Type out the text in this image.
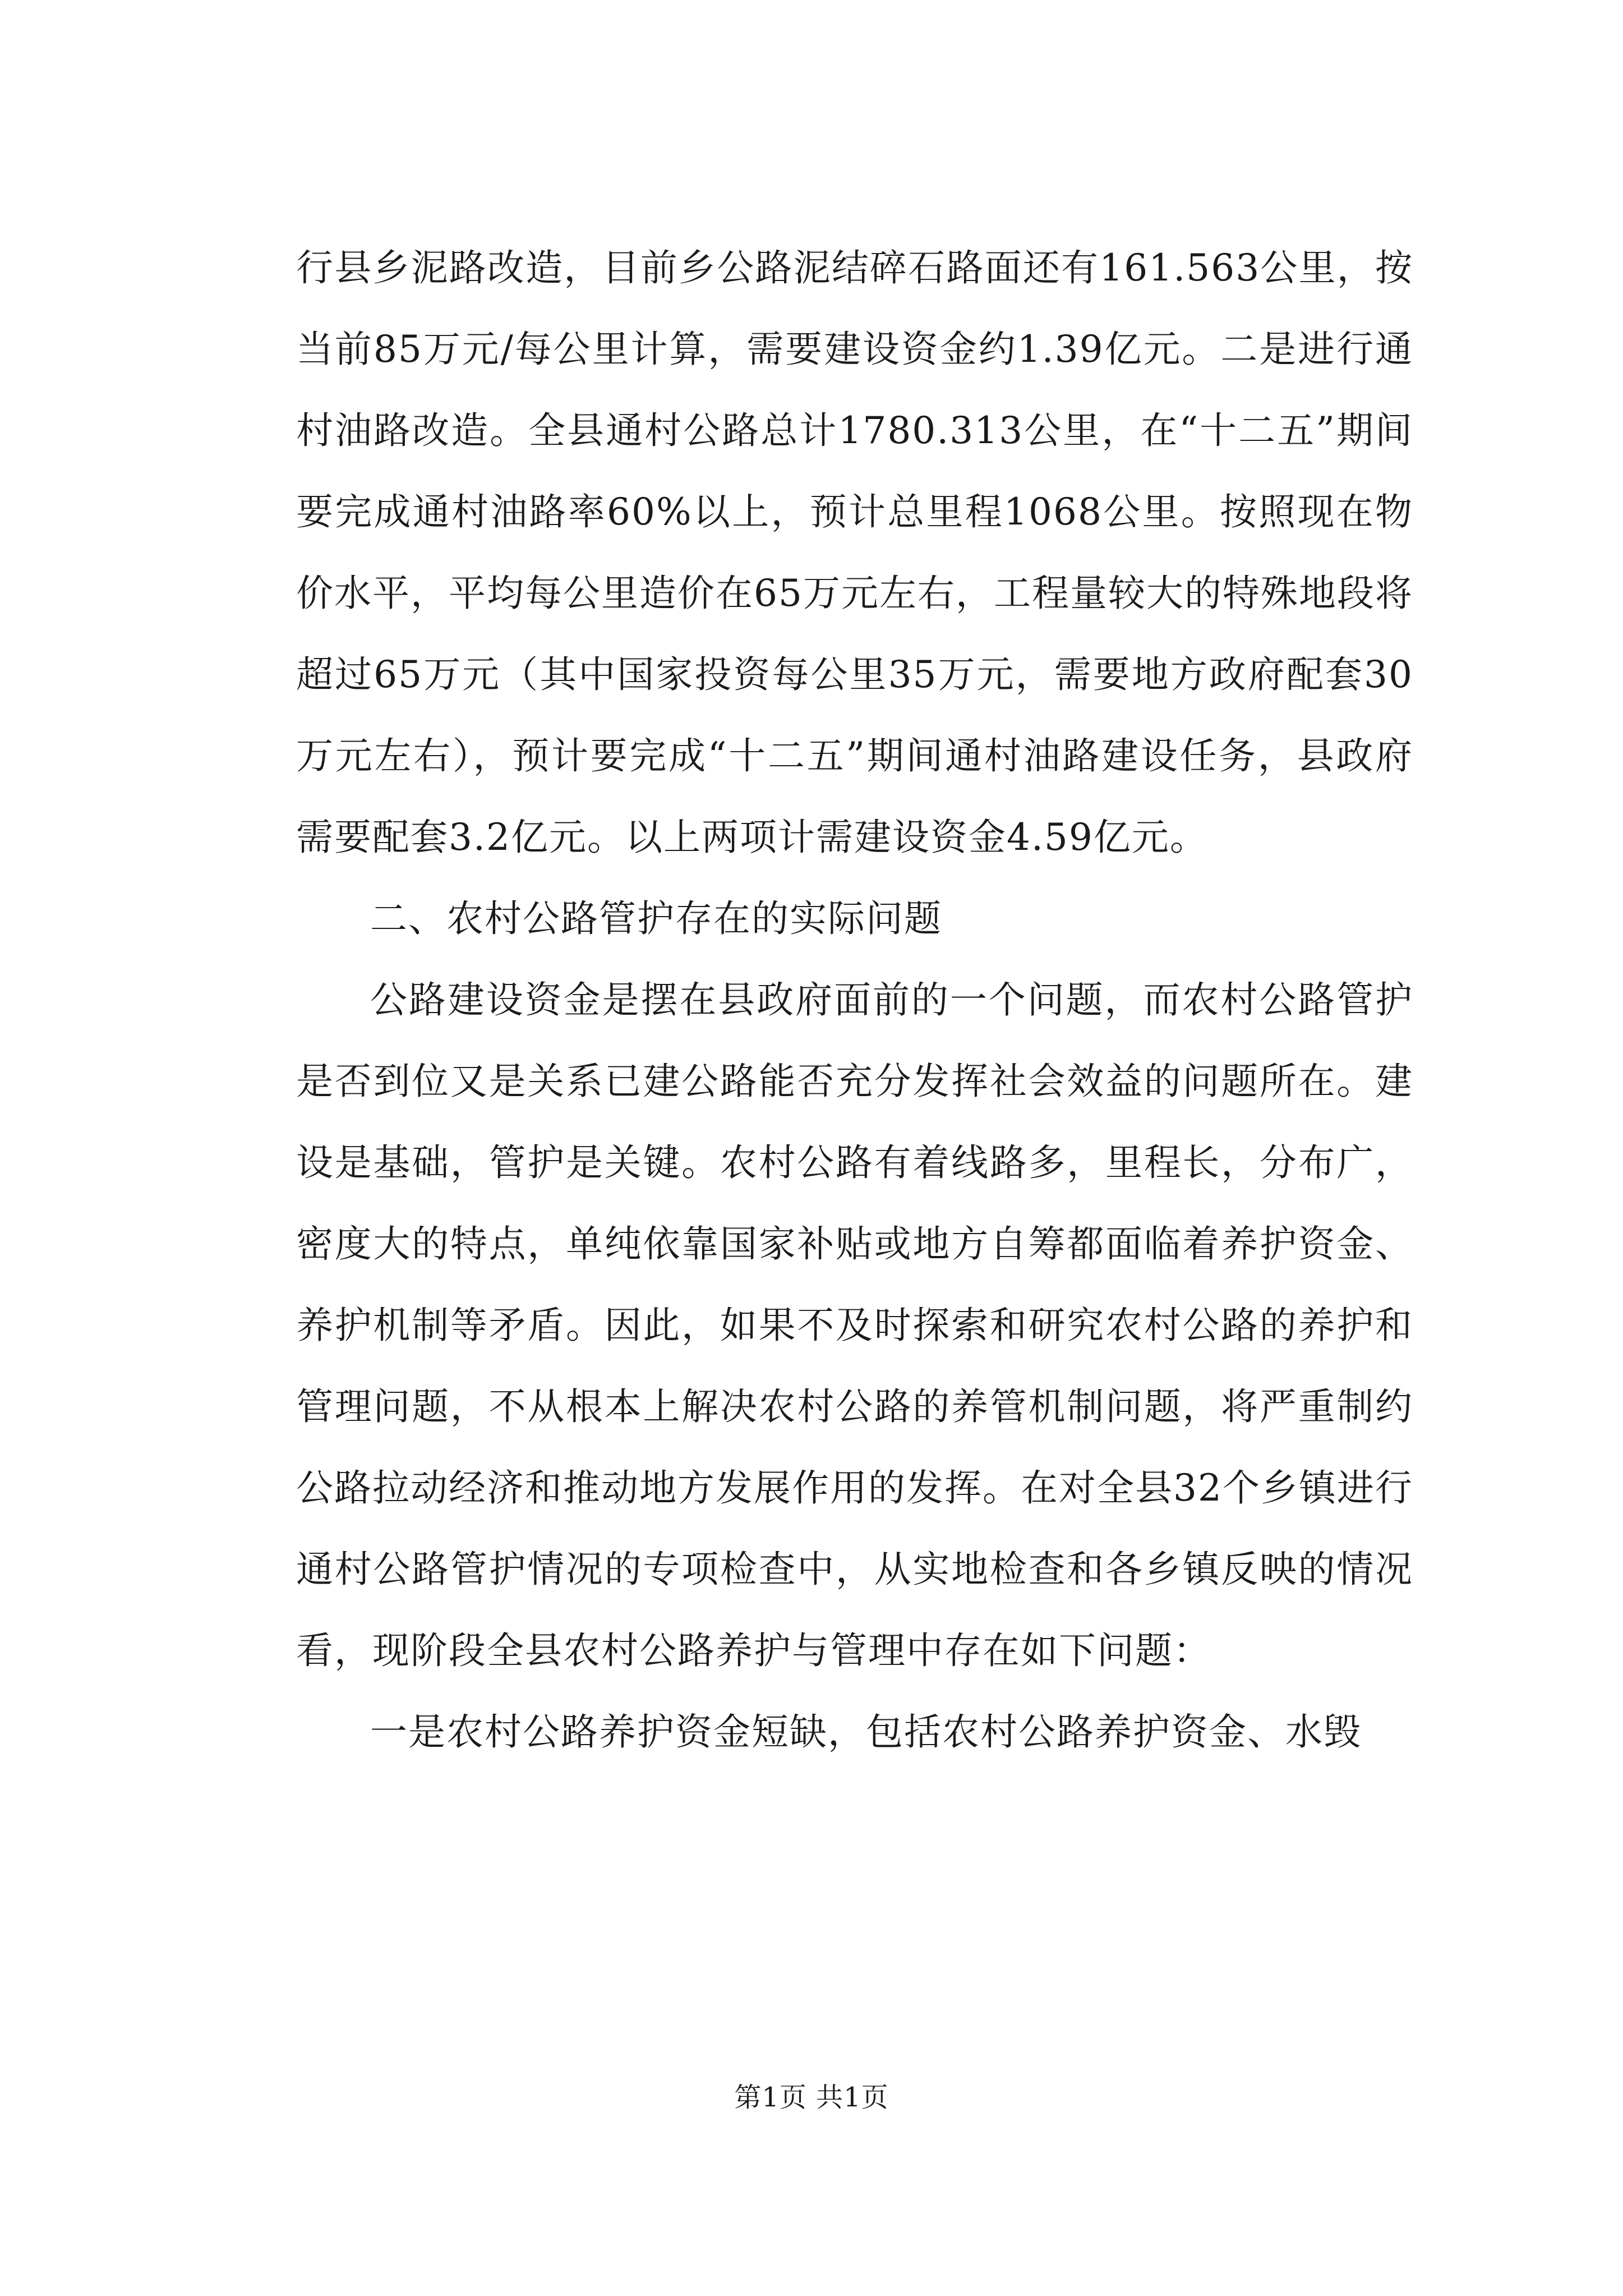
行县乡泥路改造，目前乡公路泥结碎石路面还有161.563公里，按当前85万元/每公里计算，需要建设资金约1.39亿元。二是进行通村油路改造。全县通村公路总计1780.313公里，在“十二五”期间要完成通村油路率60%以上，预计总里程1068公里。按照现在物价水平，平均每公里造价在65万元左右，工程量较大的特殊地段将超过65万元（其中国家投资每公里35万元，需要地方政府配套30万元左右），预计要完成“十二五”期间通村油路建设任务，县政府需要配套3.2亿元。以上两项计需建设资金4.59亿元。

二、农村公路管护存在的实际问题

公路建设资金是摆在县政府面前的一个问题，而农村公路管护是否到位又是关系已建公路能否充分发挥社会效益的问题所在。建设是基础，管护是关键。农村公路有着线路多，里程长，分布广，密度大的特点，单纯依靠国家补贴或地方自筹都面临着养护资金、养护机制等矛盾。因此，如果不及时探索和研究农村公路的养护和管理问题，不从根本上解决农村公路的养管机制问题，将严重制约公路拉动经济和推动地方发展作用的发挥。在对全县32个乡镇进行通村公路管护情况的专项检查中，从实地检查和各乡镇反映的情况看，现阶段全县农村公路养护与管理中存在如下问题：

一是农村公路养护资金短缺，包括农村公路养护资金、水毁

第1页 共1页
